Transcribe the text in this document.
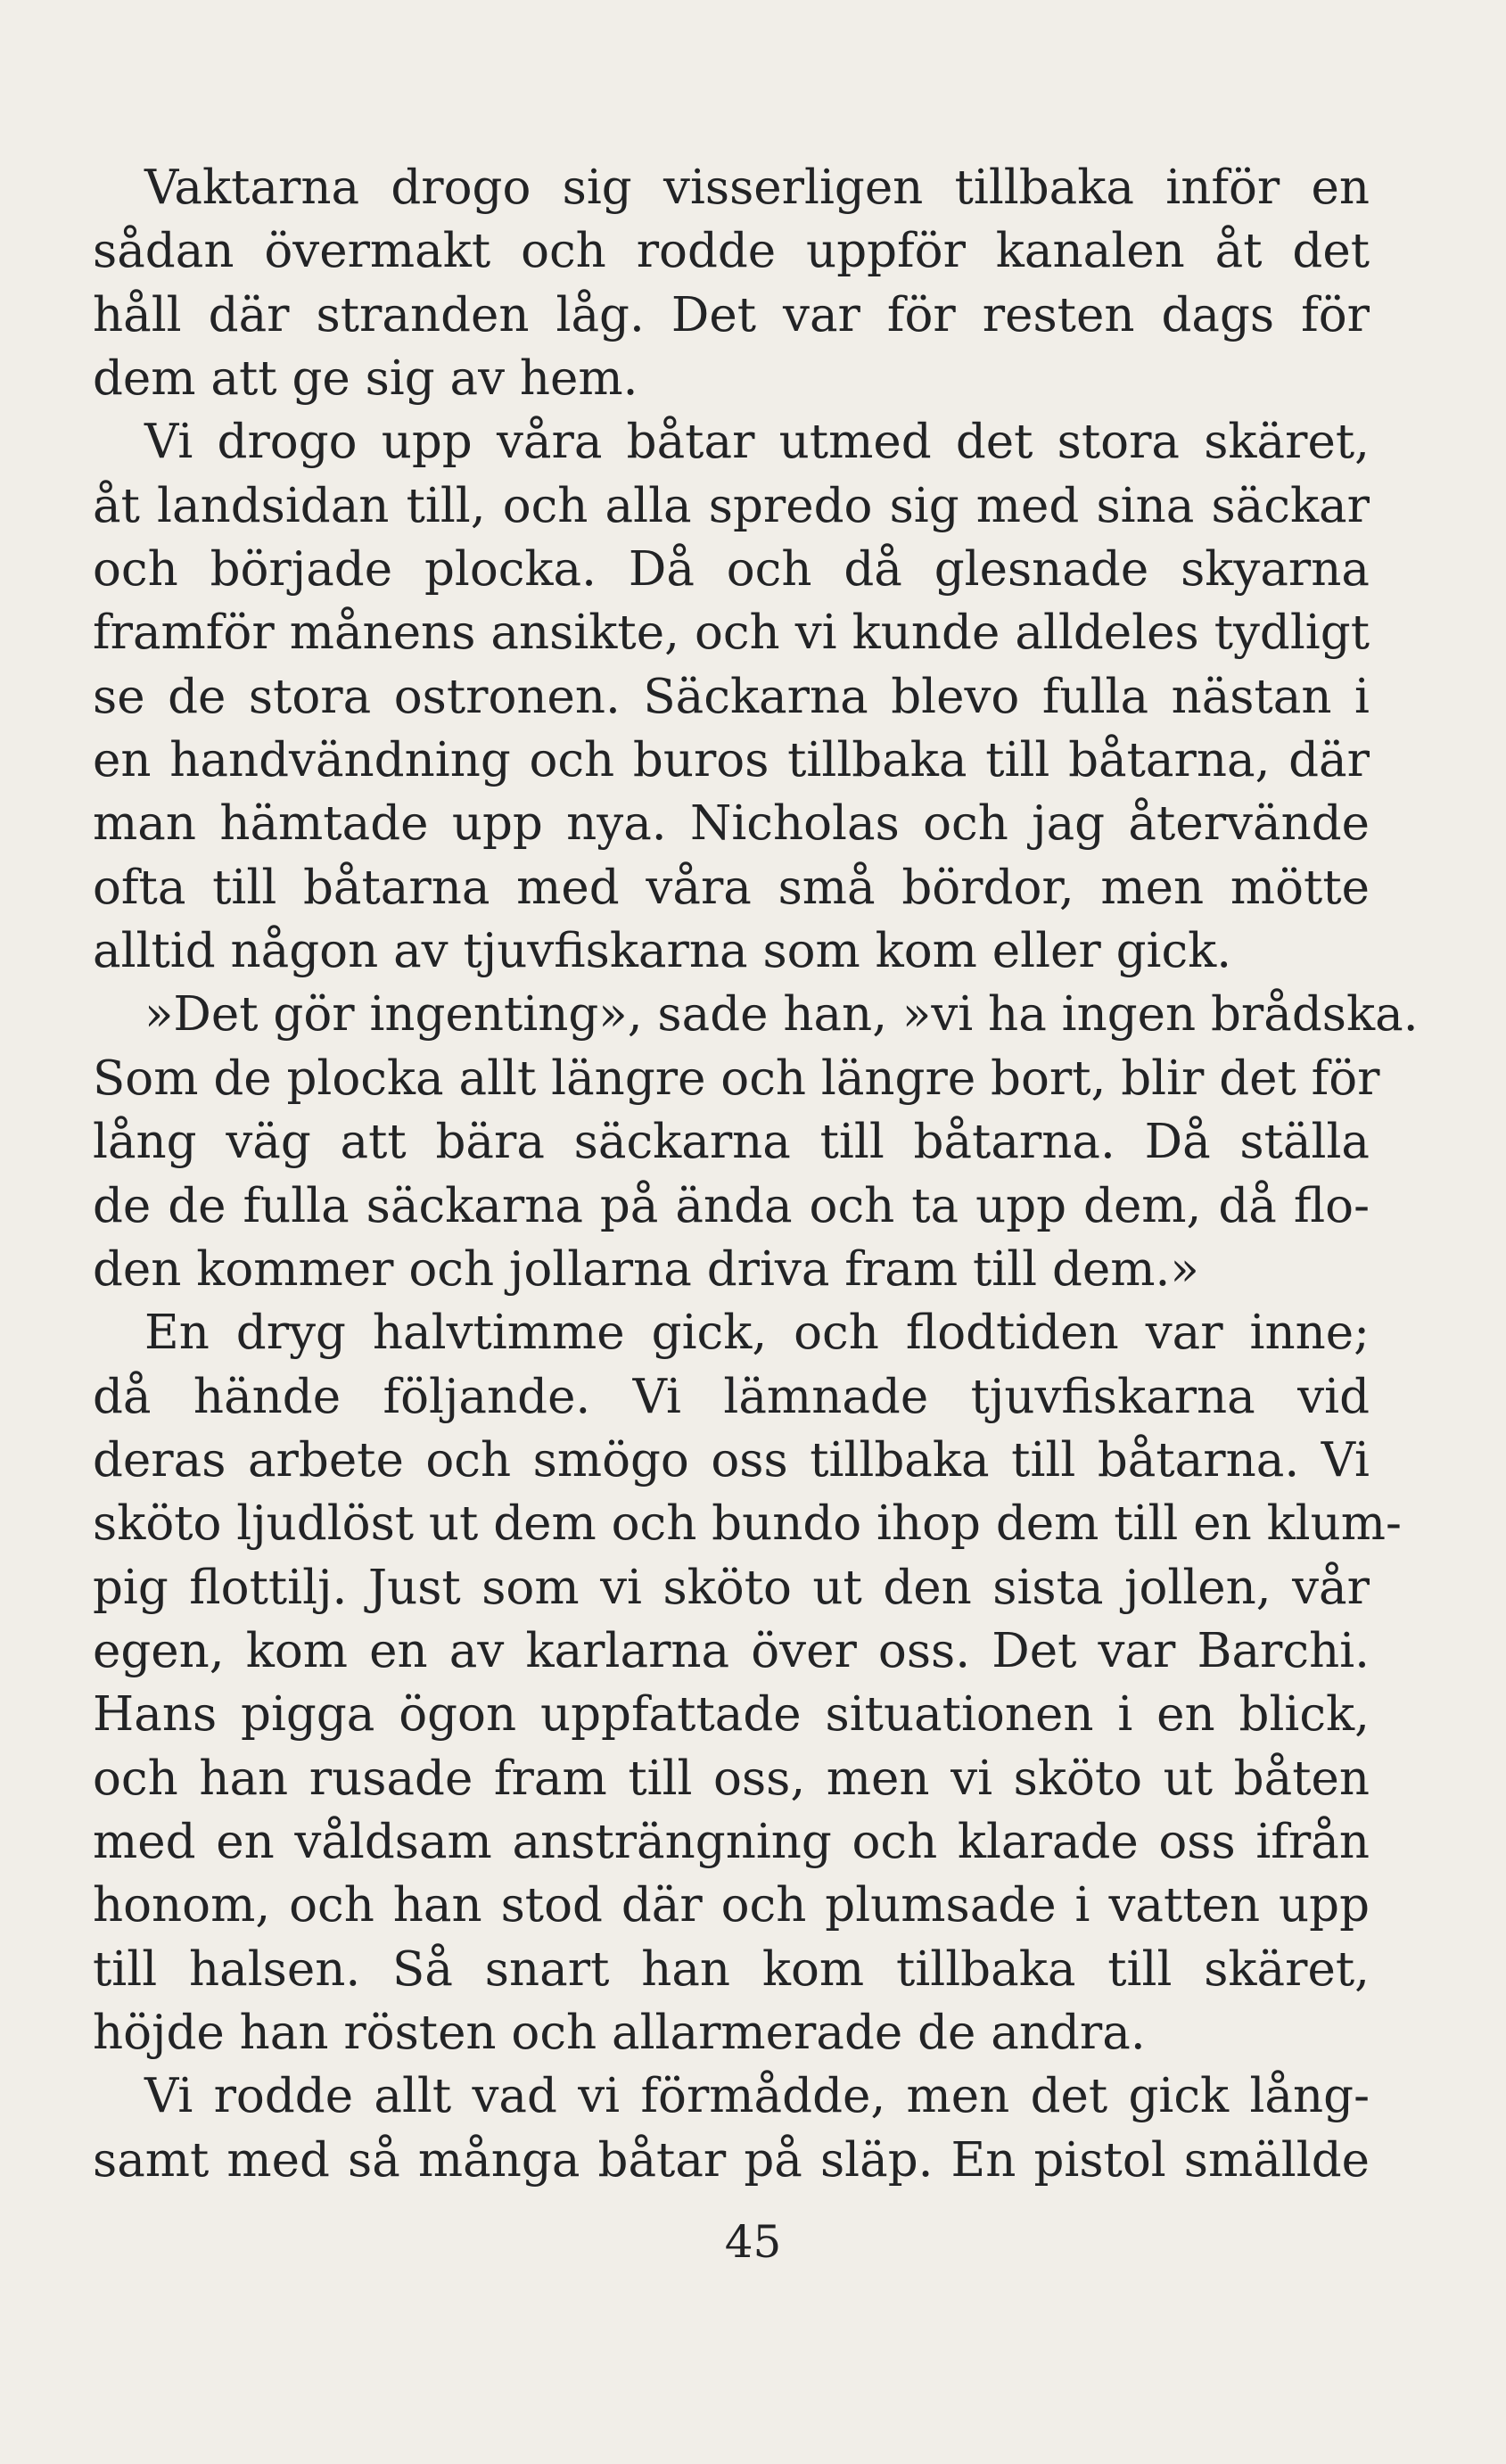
Vaktarna drogo sig visserligen tillbaka inför en
sådan övermakt och rodde uppför kanalen åt det
håll där stranden låg. Det var för resten dags för
dem att ge sig av hem.
Vi drogo upp våra båtar utmed det stora skäret,
åt landsidan till, och alla spredo sig med sina säckar
och började plocka. Då och då glesnade skyarna
framför månens ansikte, och vi kunde alldeles tydligt
se de stora ostronen. Säckarna blevo fulla nästan i
en handvändning och buros tillbaka till båtarna, där
man hämtade upp nya. Nicholas och jag återvände
ofta till båtarna med våra små bördor, men mötte
alltid någon av tjuvfiskarna som kom eller gick.
»Det gör ingenting», sade han, »vi ha ingen brådska.
Som de plocka allt längre och längre bort, blir det för
lång väg att bära säckarna till båtarna. Då ställa
de de fulla säckarna på ända och ta upp dem, då flo-
den kommer och jollarna driva fram till dem.»
En dryg halvtimme gick, och flodtiden var inne;
då hände följande. Vi lämnade tjuvfiskarna vid
deras arbete och smögo oss tillbaka till båtarna. Vi
sköto ljudlöst ut dem och bundo ihop dem till en klum-
pig flottilj. Just som vi sköto ut den sista jollen, vår
egen, kom en av karlarna över oss. Det var Barchi.
Hans pigga ögon uppfattade situationen i en blick,
och han rusade fram till oss, men vi sköto ut båten
med en våldsam ansträngning och klarade oss ifrån
honom, och han stod där och plumsade i vatten upp
till halsen. Så snart han kom tillbaka till skäret,
höjde han rösten och allarmerade de andra.
Vi rodde allt vad vi förmådde, men det gick lång-
samt med så många båtar på släp. En pistol smällde
45
